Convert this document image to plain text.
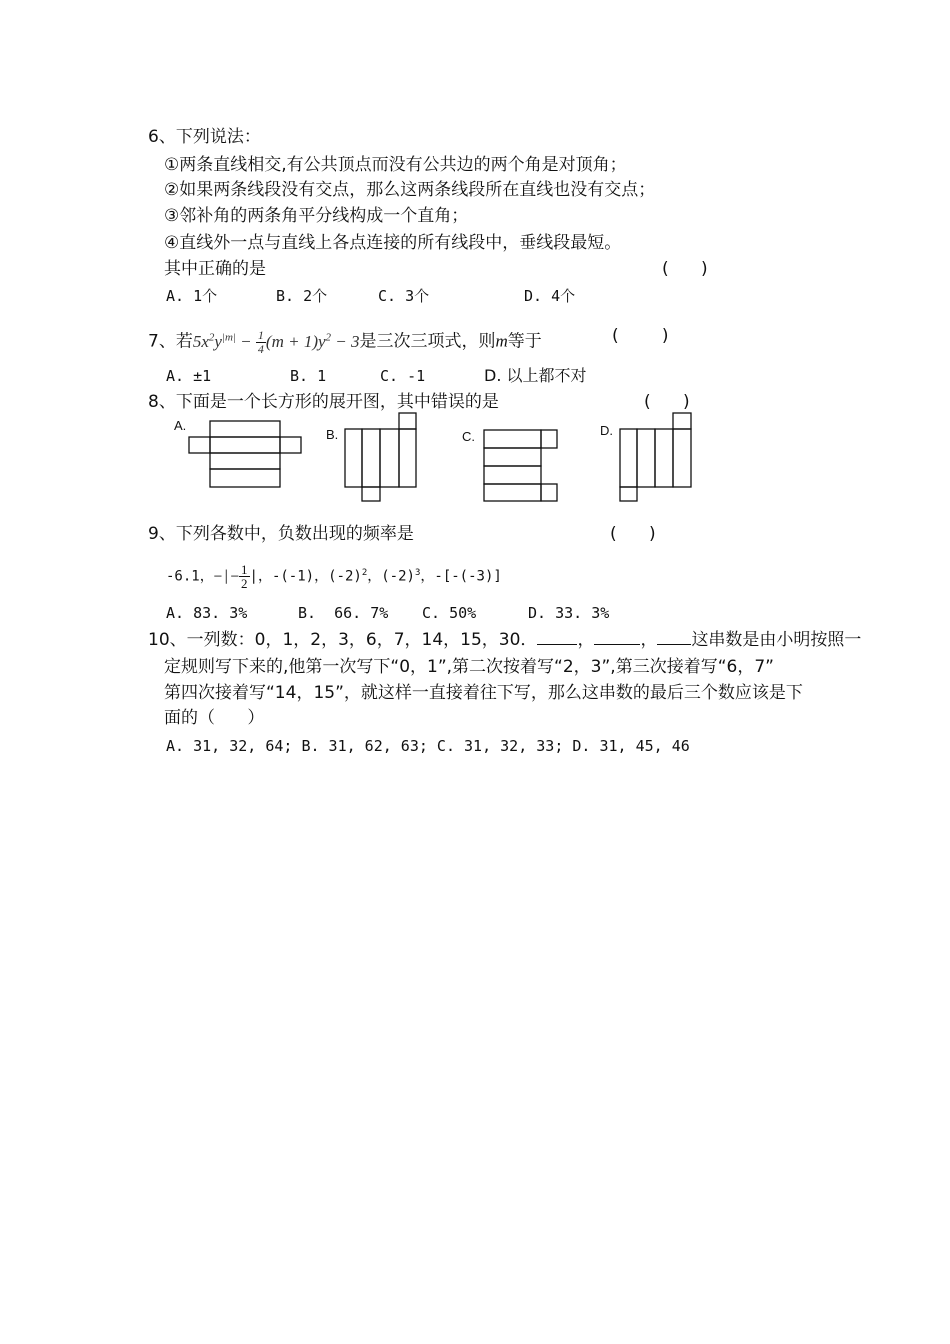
6、下列说法：
①两条直线相交,有公共顶点而没有公共边的两个角是对顶角；
②如果两条线段没有交点，那么这两条线段所在直线也没有交点；
③邻补角的两条角平分线构成一个直角；
④直线外一点与直线上各点连接的所有线段中，垂线段最短。
其中正确的是	(      )
A. 1个	B. 2个	C. 3个	D. 4个
7、若$5x^2y^{|m|} - \frac{1}{4} (m + 1)y^2 - 3$是三次三项式，则m等于	(        )
A. ±1	B. 1	C. -1	D. 以上都不对
8、下面是一个长方形的展开图，其中错误的是	(      )
A.
B.	C.	D.
9、下列各数中，负数出现的频率是	(      )
-6.1，−|− $\frac{1}{2}$ |，-(-1)，$(-2)^2$，$(-2)^3$，-[-(-3)]
A. 83. 3%	B.  66. 7% C. 50%	D. 33. 3%
10、一列数：0，1，2，3，6，7，14，15，30． ，	， 这串数是由小明按照一
定规则写下来的,他第一次写下“0，1”,第二次按着写“2，3”,第三次接着写“6，7”
第四次接着写“14，15”，就这样一直接着往下写，那么这串数的最后三个数应该是下
面的（      ）
A. 31, 32, 64; B. 31, 62, 63; C. 31, 32, 33; D. 31, 45, 46
